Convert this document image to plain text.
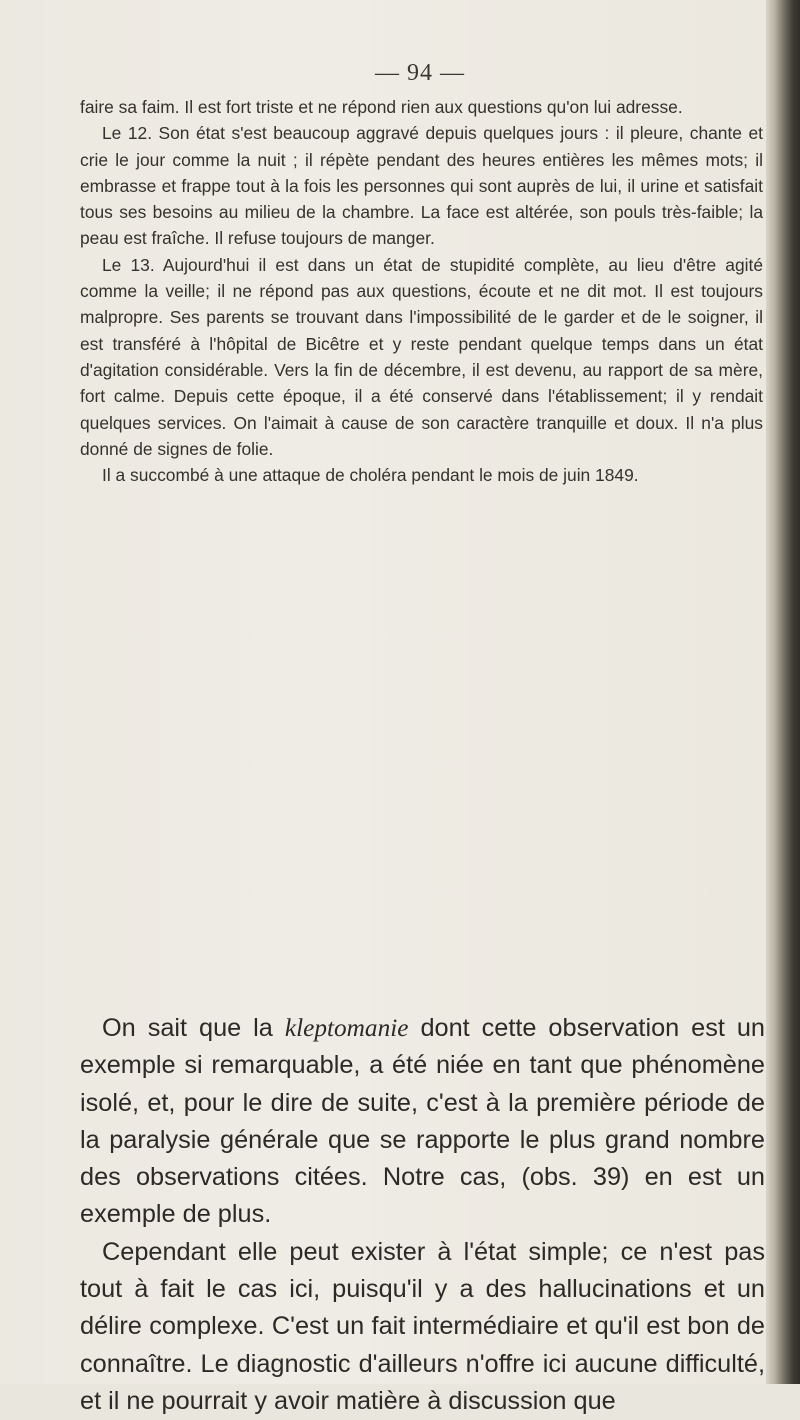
— 94 —

faire sa faim. Il est fort triste et ne répond rien aux questions qu'on lui adresse.

Le 12. Son état s'est beaucoup aggravé depuis quelques jours : il pleure, chante et crie le jour comme la nuit ; il répète pendant des heures entières les mêmes mots; il embrasse et frappe tout à la fois les personnes qui sont auprès de lui, il urine et satisfait tous ses besoins au milieu de la chambre. La face est altérée, son pouls très-faible; la peau est fraîche. Il refuse toujours de manger.

Le 13. Aujourd'hui il est dans un état de stupidité complète, au lieu d'être agité comme la veille; il ne répond pas aux questions, écoute et ne dit mot. Il est toujours malpropre. Ses parents se trouvant dans l'impossibilité de le garder et de le soigner, il est transféré à l'hôpital de Bicêtre et y reste pendant quelque temps dans un état d'agitation considérable. Vers la fin de décembre, il est devenu, au rapport de sa mère, fort calme. Depuis cette époque, il a été conservé dans l'établissement; il y rendait quelques services. On l'aimait à cause de son caractère tranquille et doux. Il n'a plus donné de signes de folie.

Il a succombé à une attaque de choléra pendant le mois de juin 1849.

On sait que la kleptomanie dont cette observation est un exemple si remarquable, a été niée en tant que phénomène isolé, et, pour le dire de suite, c'est à la première période de la paralysie générale que se rapporte le plus grand nombre des observations citées. Notre cas, (obs. 39) en est un exemple de plus.

Cependant elle peut exister à l'état simple; ce n'est pas tout à fait le cas ici, puisqu'il y a des hallucinations et un délire complexe. C'est un fait intermédiaire et qu'il est bon de connaître. Le diagnostic d'ailleurs n'offre ici aucune difficulté, et il ne pourrait y avoir matière à discussion que
